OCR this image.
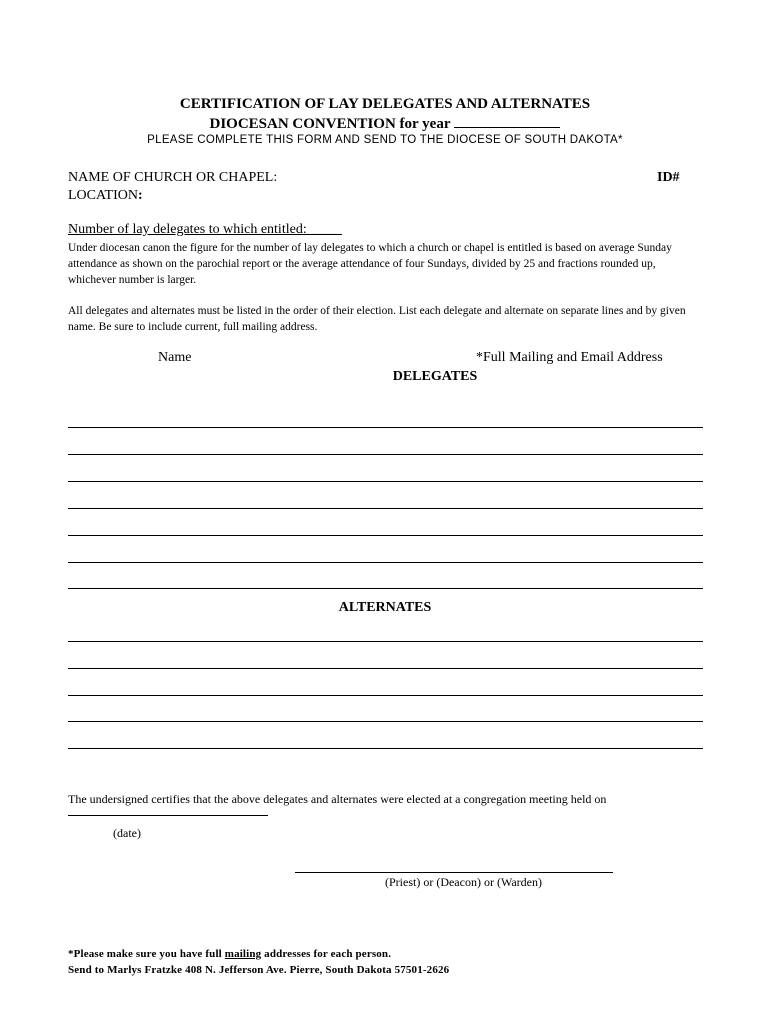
CERTIFICATION OF LAY DELEGATES AND ALTERNATES
DIOCESAN CONVENTION for year
PLEASE COMPLETE THIS FORM AND SEND TO THE DIOCESE OF SOUTH DAKOTA*
NAME OF CHURCH OR CHAPEL:	ID#
LOCATION:
Number of lay delegates to which entitled:_____
Under diocesan canon the figure for the number of lay delegates to which a church or chapel is entitled is based on average Sunday attendance as shown on the parochial report or the average attendance of four Sundays, divided by 25 and fractions rounded up, whichever number is larger.
All delegates and alternates must be listed in the order of their election. List each delegate and alternate on separate lines and by given name. Be sure to include current, full mailing address.
Name	*Full Mailing and Email Address
DELEGATES
ALTERNATES
The undersigned certifies that the above delegates and alternates were elected at a congregation meeting held on
(date)
(Priest) or (Deacon) or (Warden)
*Please make sure you have full mailing addresses for each person.
Send to Marlys Fratzke 408 N. Jefferson Ave. Pierre, South Dakota 57501-2626
